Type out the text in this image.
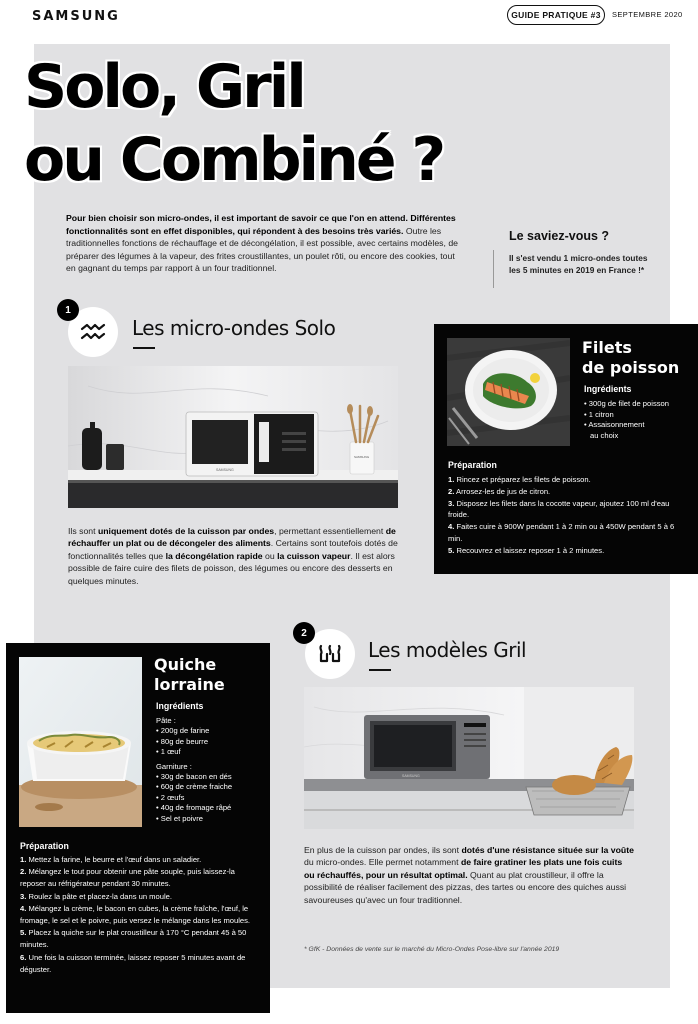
SAMSUNG	GUIDE PRATIQUE #3	SEPTEMBRE 2020
Solo, Gril
ou Combiné ?
Pour bien choisir son micro-ondes, il est important de savoir ce que l'on en attend. Différentes fonctionnalités sont en effet disponibles, qui répondent à des besoins très variés. Outre les traditionnelles fonctions de réchauffage et de décongélation, il est possible, avec certains modèles, de préparer des légumes à la vapeur, des frites croustillantes, un poulet rôti, ou encore des cookies, tout en gagnant du temps par rapport à un four traditionnel.
Le saviez-vous ?
Il s'est vendu 1 micro-ondes toutes les 5 minutes en 2019 en France !*
1
Les micro-ondes Solo
SAMSUNG
SAMSUNG
Ils sont uniquement dotés de la cuisson par ondes, permettant essentiellement de réchauffer un plat ou de décongeler des aliments. Certains sont toutefois dotés de fonctionnalités telles que la décongélation rapide ou la cuisson vapeur. Il est alors possible de faire cuire des filets de poisson, des légumes ou encore des desserts en quelques minutes.
Filets
de poisson
Ingrédients
• 300g de filet de poisson
• 1 citron
• Assaisonnement
au choix
Préparation
1. Rincez et préparez les filets de poisson.
2. Arrosez-les de jus de citron.
3. Disposez les filets dans la cocotte vapeur, ajoutez 100 ml d'eau froide.
4. Faites cuire à 900W pendant 1 à 2 min ou à 450W pendant 5 à 6 min.
5. Recouvrez et laissez reposer 1 à 2 minutes.
2
Les modèles Gril
SAMSUNG
En plus de la cuisson par ondes, ils sont dotés d'une résistance située sur la voûte du micro-ondes. Elle permet notamment de faire gratiner les plats une fois cuits ou réchauffés, pour un résultat optimal. Quant au plat croustilleur, il offre la possibilité de réaliser facilement des pizzas, des tartes ou encore des quiches aussi savoureuses qu'avec un four traditionnel.
Quiche
lorraine
Ingrédients
Pâte :
• 200g de farine
• 80g de beurre
• 1 œuf
Garniture :
• 30g de bacon en dés
• 60g de crème fraiche
• 2 œufs
• 40g de fromage râpé
• Sel et poivre
Préparation
1. Mettez la farine, le beurre et l'œuf dans un saladier.
2. Mélangez le tout pour obtenir une pâte souple, puis laissez-la reposer au réfrigérateur pendant 30 minutes.
3. Roulez la pâte et placez-la dans un moule.
4. Mélangez la crème, le bacon en cubes, la crème fraîche, l'œuf, le fromage, le sel et le poivre, puis versez le mélange dans les moules.
5. Placez la quiche sur le plat croustilleur à 170 °C pendant 45 à 50 minutes.
6. Une fois la cuisson terminée, laissez reposer 5 minutes avant de déguster.
* GfK - Données de vente sur le marché du Micro-Ondes Pose-libre sur l'année 2019
